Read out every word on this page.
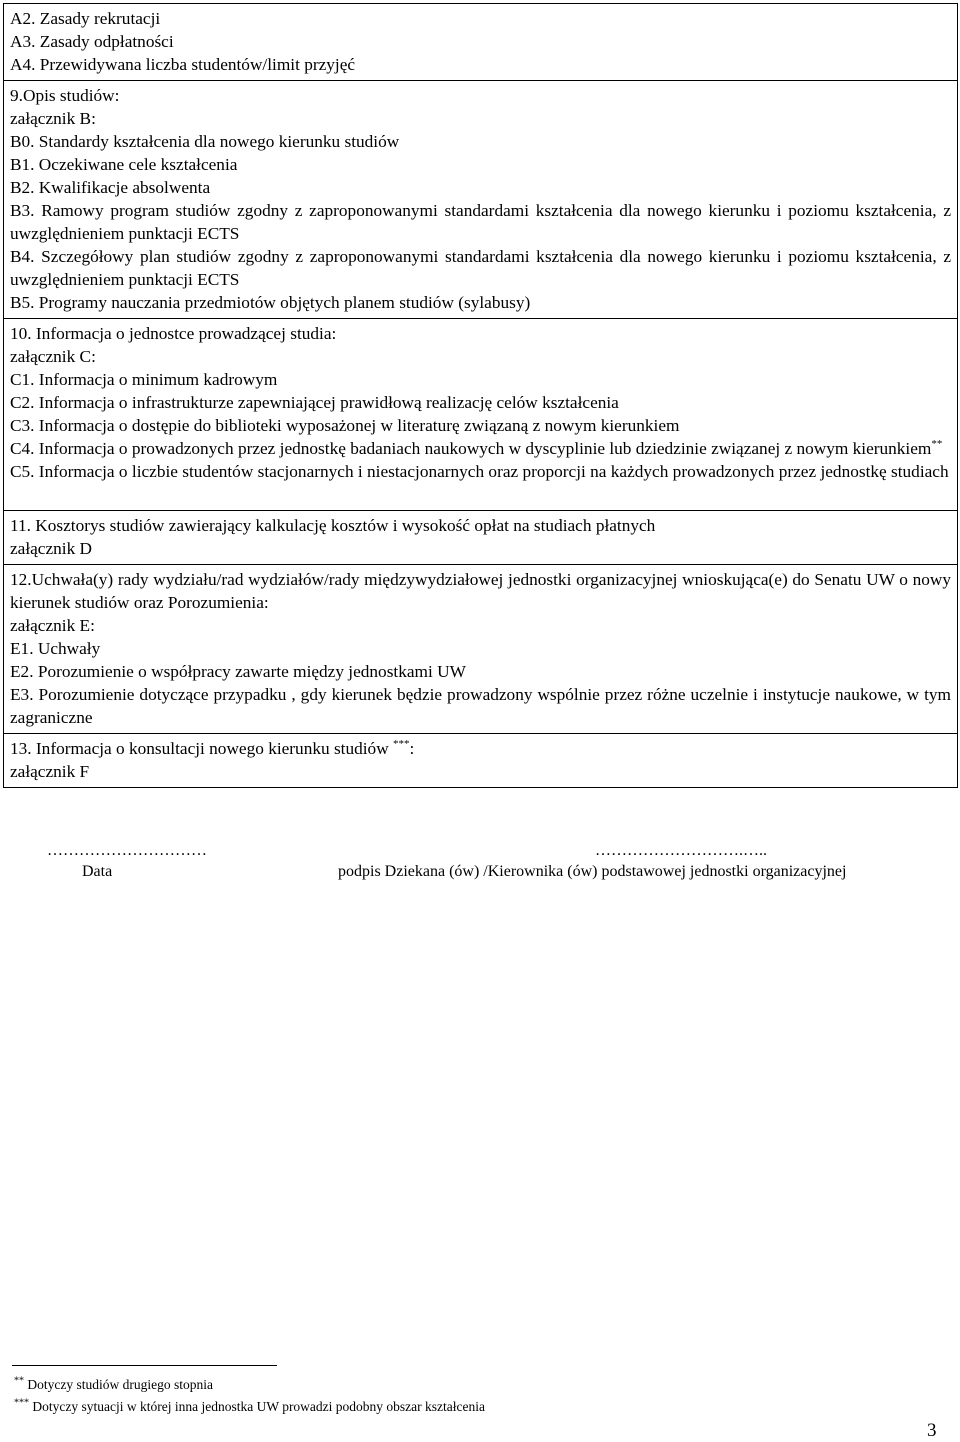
A2. Zasady rekrutacji
A3. Zasady odpłatności
A4. Przewidywana liczba studentów/limit przyjęć

9.Opis studiów:
załącznik B:
B0. Standardy kształcenia dla nowego kierunku studiów
B1. Oczekiwane cele kształcenia
B2. Kwalifikacje absolwenta
B3. Ramowy program studiów zgodny z zaproponowanymi standardami kształcenia dla nowego kierunku i poziomu kształcenia, z uwzględnieniem punktacji ECTS
B4. Szczegółowy plan studiów zgodny z zaproponowanymi standardami kształcenia dla nowego kierunku i poziomu kształcenia, z uwzględnieniem punktacji ECTS
B5. Programy nauczania przedmiotów objętych planem studiów (sylabusy)

10. Informacja o jednostce prowadzącej studia:
załącznik C:
C1. Informacja o minimum kadrowym
C2. Informacja o infrastrukturze zapewniającej prawidłową realizację celów kształcenia
C3. Informacja o dostępie do biblioteki wyposażonej w literaturę związaną z nowym kierunkiem
C4. Informacja o prowadzonych przez jednostkę badaniach naukowych w dyscyplinie lub dziedzinie związanej z nowym kierunkiem**
C5. Informacja o liczbie studentów stacjonarnych i niestacjonarnych oraz proporcji na każdych prowadzonych przez jednostkę studiach

11. Kosztorys studiów zawierający kalkulację kosztów i wysokość opłat na studiach płatnych
załącznik D

12.Uchwała(y) rady wydziału/rad wydziałów/rady międzywydziałowej jednostki organizacyjnej wnioskująca(e) do Senatu UW o nowy kierunek studiów oraz Porozumienia:
załącznik E:
E1. Uchwały
E2. Porozumienie o współpracy zawarte między jednostkami UW
E3. Porozumienie dotyczące przypadku , gdy kierunek będzie prowadzony wspólnie przez różne uczelnie i instytucje naukowe, w tym zagraniczne

13. Informacja o konsultacji nowego kierunku studiów ***:
załącznik F
…………………………	……………………….…..
Data	podpis Dziekana (ów) /Kierownika (ów) podstawowej jednostki organizacyjnej
** Dotyczy studiów drugiego stopnia
*** Dotyczy sytuacji w której inna jednostka UW prowadzi podobny obszar kształcenia
3
